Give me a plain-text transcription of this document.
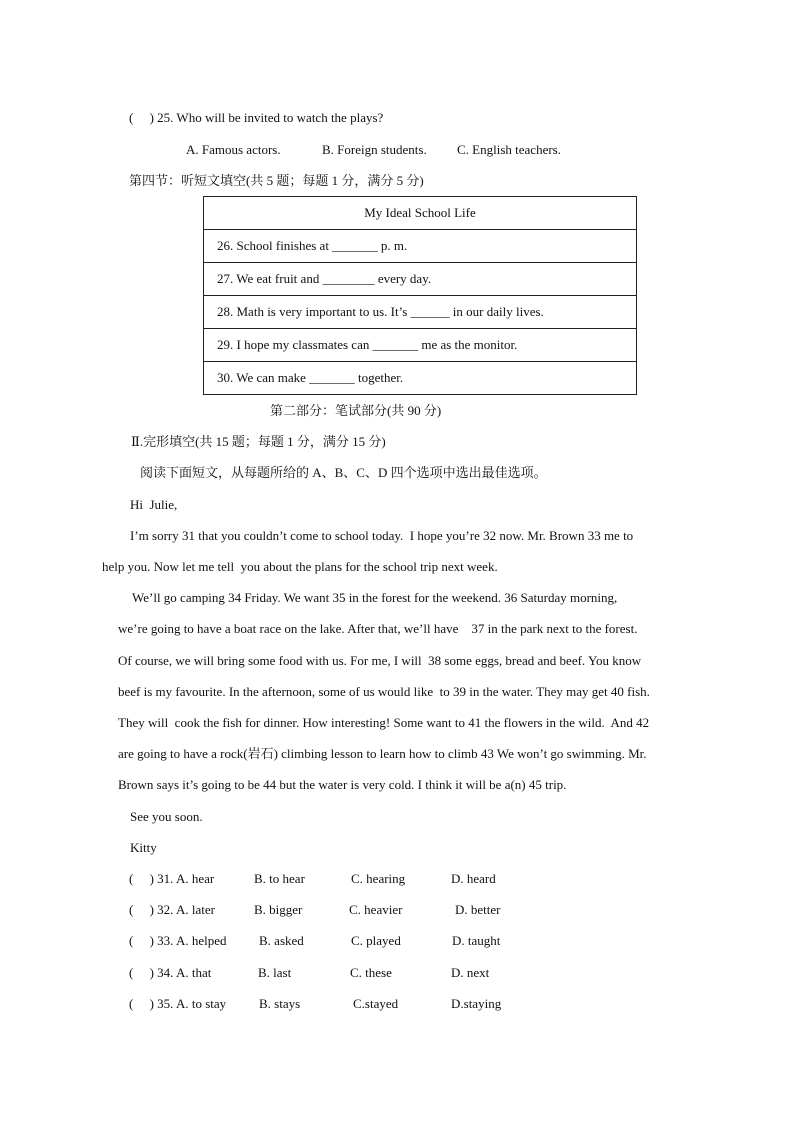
(     ) 25. Who will be invited to watch the plays?
A. Famous actors.	B. Foreign students. C. English teachers.
第四节：听短文填空(共 5 题；每题 1 分，满分 5 分)
My Ideal School Life
26. School finishes at _______ p. m.
27. We eat fruit and ________ every day.
28. Math is very important to us. It’s ______ in our daily lives.
29. I hope my classmates can _______ me as the monitor.
30. We can make _______ together.
第二部分：笔试部分(共 90 分)
Ⅱ.完形填空(共 15 题；每题 1 分，满分 15 分)
阅读下面短文，从每题所给的 A、B、C、D 四个选项中选出最佳选项。
Hi  Julie,
I’m sorry 31 that you couldn’t come to school today.  I hope you’re 32 now. Mr. Brown 33 me to
help you. Now let me tell  you about the plans for the school trip next week.
We’ll go camping 34 Friday. We want 35 in the forest for the weekend. 36 Saturday morning,
we’re going to have a boat race on the lake. After that, we’ll have    37 in the park next to the forest.
Of course, we will bring some food with us. For me, I will  38 some eggs, bread and beef. You know
beef is my favourite. In the afternoon, some of us would like  to 39 in the water. They may get 40 fish.
They will  cook the fish for dinner. How interesting! Some want to 41 the flowers in the wild.  And 42
are going to have a rock(岩石) climbing lesson to learn how to climb 43 We won’t go swimming. Mr.
Brown says it’s going to be 44 but the water is very cold. I think it will be a(n) 45 trip.
See you soon.
Kitty
(     ) 31. A. hear	B. to hear	C. hearing	D. heard
(     ) 32. A. later	B. bigger	C. heavier	D. better
(     ) 33. A. helped	B. asked	C. played	D. taught
(     ) 34. A. that	B. last	C. these	D. next
(     ) 35. A. to stay	B. stays	C.stayed	D.staying
